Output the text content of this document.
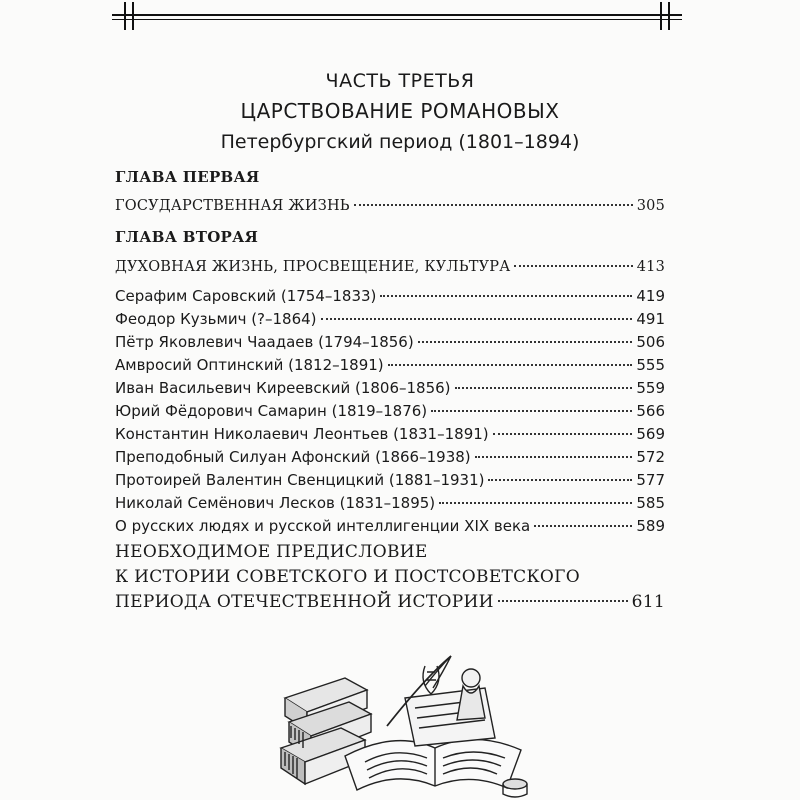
ЧАСТЬ ТРЕТЬЯ
ЦАРСТВОВАНИЕ РОМАНОВЫХ
Петербургский период (1801–1894)
ГЛАВА ПЕРВАЯ
ГОСУДАРСТВЕННАЯ ЖИЗНЬ	305
ГЛАВА ВТОРАЯ
ДУХОВНАЯ ЖИЗНЬ, ПРОСВЕЩЕНИЕ, КУЛЬТУРА	413
Серафим Саровский (1754–1833)	419
Феодор Кузьмич (?–1864)	491
Пётр Яковлевич Чаадаев (1794–1856)	506
Амвросий Оптинский (1812–1891)	555
Иван Васильевич Киреевский (1806–1856)	559
Юрий Фёдорович Самарин (1819–1876)	566
Константин Николаевич Леонтьев (1831–1891)	569
Преподобный Силуан Афонский (1866–1938)	572
Протоирей Валентин Свенцицкий (1881–1931)	577
Николай Семёнович Лесков (1831–1895)	585
О русских людях и русской интеллигенции XIX века	589
НЕОБХОДИМОЕ ПРЕДИСЛОВИЕ
К ИСТОРИИ СОВЕТСКОГО И ПОСТСОВЕТСКОГО
ПЕРИОДА ОТЕЧЕСТВЕННОЙ ИСТОРИИ	611
